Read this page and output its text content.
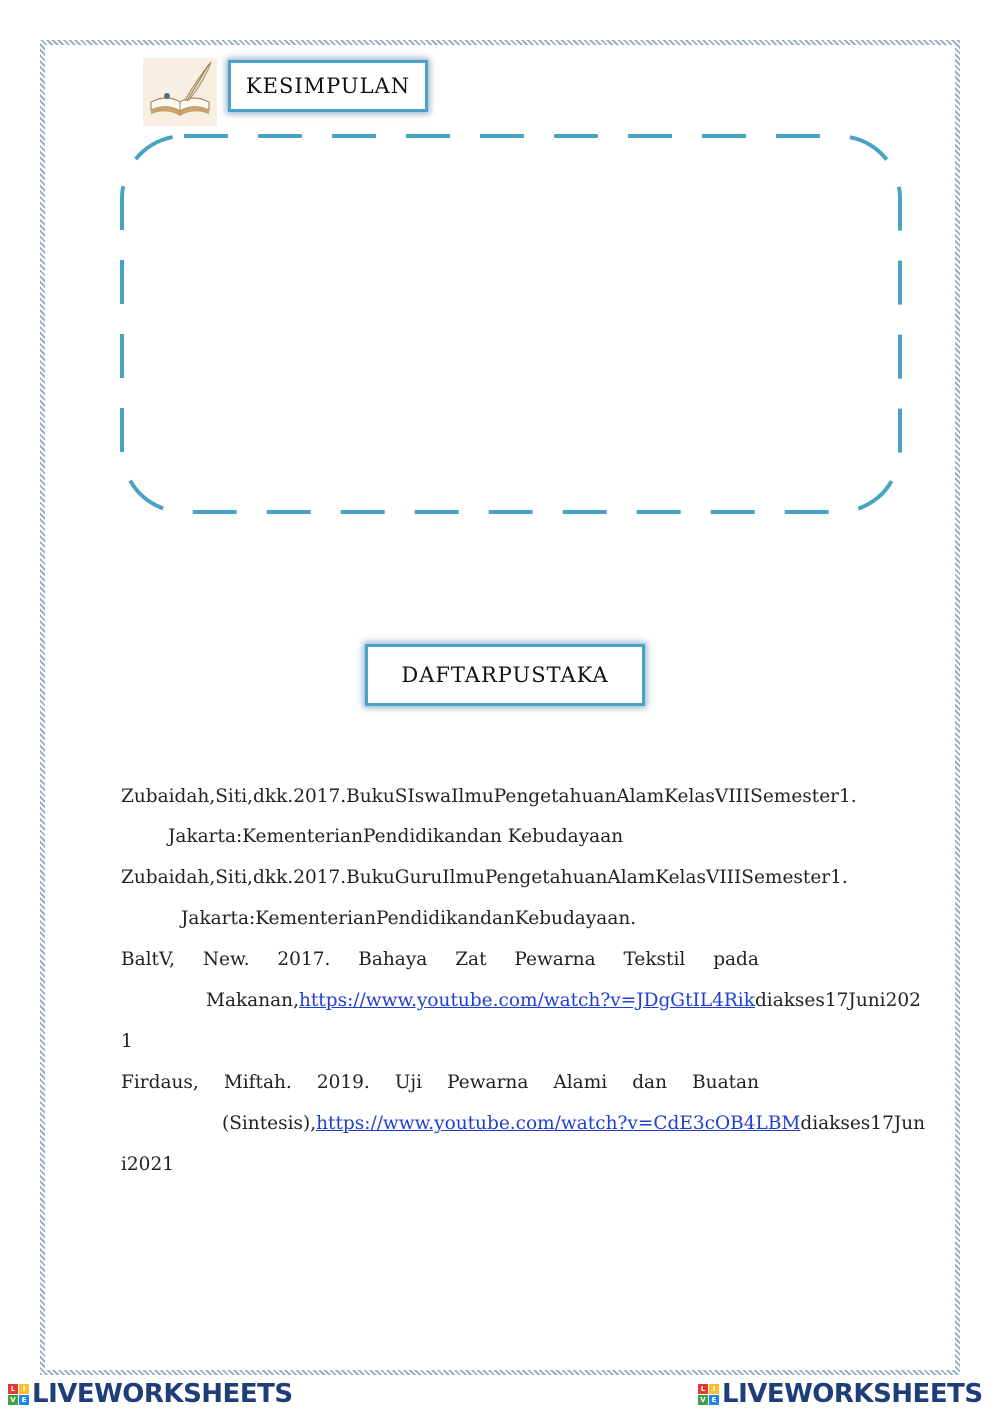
KESIMPULAN
DAFTARPUSTAKA
Zubaidah,Siti,dkk.2017.BukuSIswaIlmuPengetahuanAlamKelasVIIISemester1.
Jakarta:KementerianPendidikandan Kebudayaan
Zubaidah,Siti,dkk.2017.BukuGuruIlmuPengetahuanAlamKelasVIIISemester1.
Jakarta:KementerianPendidikandanKebudayaan.
BaltV, New. 2017. Bahaya Zat Pewarna Tekstil pada
Makanan,https://www.youtube.com/watch?v=JDgGtIL4Rikdiakses17Juni202
1
Firdaus, Miftah. 2019. Uji Pewarna Alami dan Buatan
(Sintesis),https://www.youtube.com/watch?v=CdE3cOB4LBMdiakses17Jun
i2021
L	I
V E LIVEWORKSHEETS	L	I
V E LIVEWORKSHEETS
